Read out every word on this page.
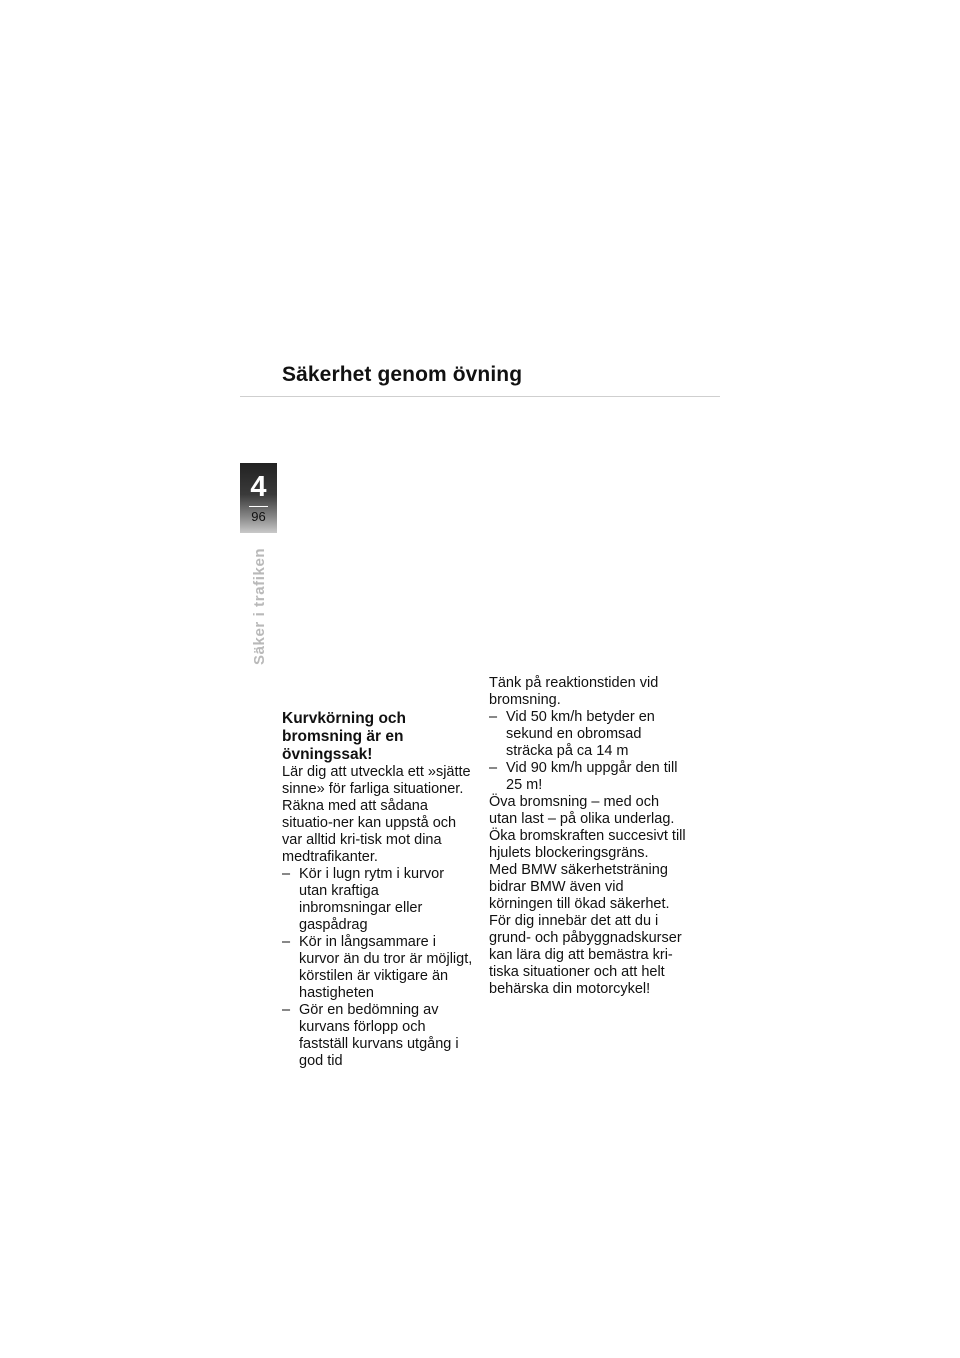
Säkerhet genom övning
4
96
Säker i trafiken
Kurvkörning och bromsning är en övningssak!

Lär dig att utveckla ett »sjätte sinne» för farliga situationer. Räkna med att sådana situatio-ner kan uppstå och var alltid kri-tisk mot dina medtrafikanter.

– Kör i lugn rytm i kurvor utan kraftiga inbromsningar eller gaspådrag
– Kör in långsammare i kurvor än du tror är möjligt, körstilen är viktigare än hastigheten
– Gör en bedömning av kurvans förlopp och fastställ kurvans utgång i god tid

Tänk på reaktionstiden vid bromsning.

– Vid 50 km/h betyder en sekund en obromsad sträcka på ca 14 m
– Vid 90 km/h uppgår den till 25 m!

Öva bromsning – med och utan last – på olika underlag.

Öka bromskraften succesivt till hjulets blockeringsgräns.

Med BMW säkerhetsträning bidrar BMW även vid körningen till ökad säkerhet.

För dig innebär det att du i grund- och påbyggnadskurser kan lära dig att bemästra kri-tiska situationer och att helt behärska din motorcykel!
